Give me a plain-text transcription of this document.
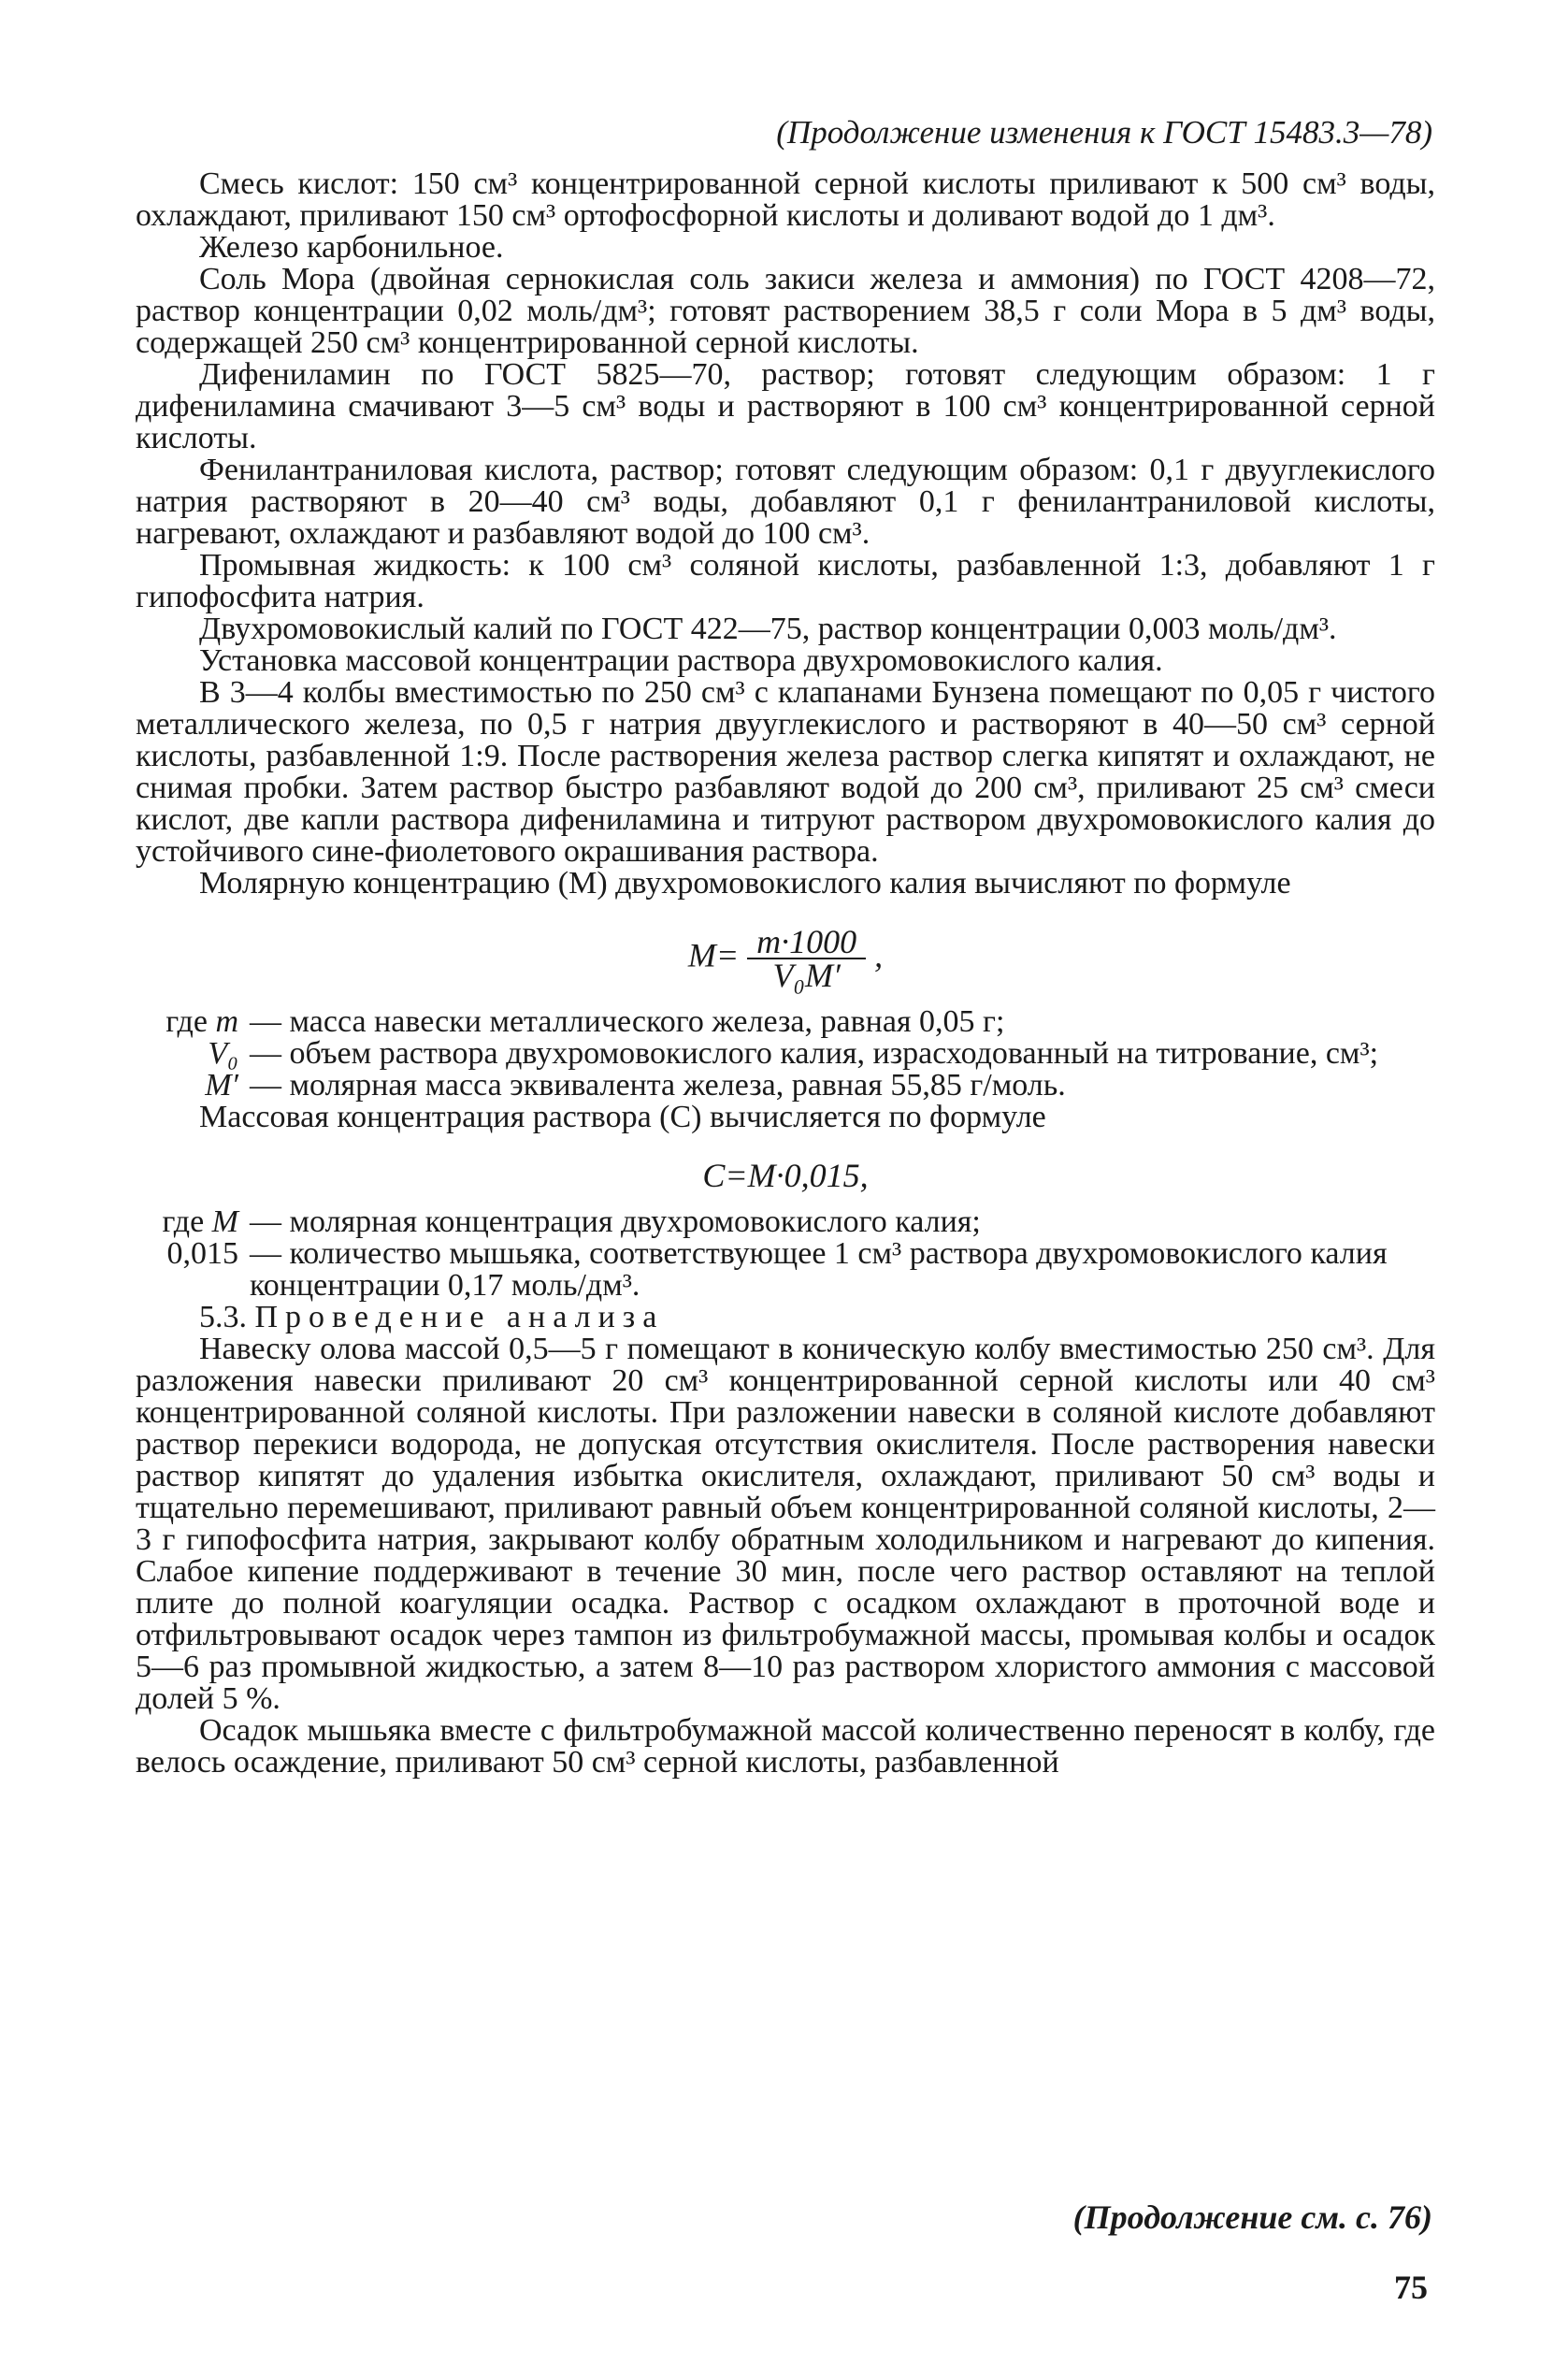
(Продолжение изменения к ГОСТ 15483.3—78)

Смесь кислот: 150 см³ концентрированной серной кислоты приливают к 500 см³ воды, охлаждают, приливают 150 см³ ортофосфорной кислоты и доливают водой до 1 дм³.

Железо карбонильное.

Соль Мора (двойная сернокислая соль закиси железа и аммония) по ГОСТ 4208—72, раствор концентрации 0,02 моль/дм³; готовят растворением 38,5 г соли Мора в 5 дм³ воды, содержащей 250 см³ концентрированной серной кислоты.

Дифениламин по ГОСТ 5825—70, раствор; готовят следующим образом: 1 г дифениламина смачивают 3—5 см³ воды и растворяют в 100 см³ концентрированной серной кислоты.

Фенилантраниловая кислота, раствор; готовят следующим образом: 0,1 г двууглекислого натрия растворяют в 20—40 см³ воды, добавляют 0,1 г фенилантраниловой кислоты, нагревают, охлаждают и разбавляют водой до 100 см³.

Промывная жидкость: к 100 см³ соляной кислоты, разбавленной 1:3, добавляют 1 г гипофосфита натрия.

Двухромовокислый калий по ГОСТ 422—75, раствор концентрации 0,003 моль/дм³.

Установка массовой концентрации раствора двухромовокислого калия.

В 3—4 колбы вместимостью по 250 см³ с клапанами Бунзена помещают по 0,05 г чистого металлического железа, по 0,5 г натрия двууглекислого и растворяют в 40—50 см³ серной кислоты, разбавленной 1:9. После растворения железа раствор слегка кипятят и охлаждают, не снимая пробки. Затем раствор быстро разбавляют водой до 200 см³, приливают 25 см³ смеси кислот, две капли раствора дифениламина и титруют раствором двухромовокислого калия до устойчивого сине-фиолетового окрашивания раствора.

Молярную концентрацию (М) двухромовокислого калия вычисляют по формуле

$M= \frac{m\cdot 1000}{\text{V₀M′}}$ ,
где m — масса навески металлического железа, равная 0,05 г;
V₀ — объем раствора двухромовокислого калия, израсходованный на титрование, см³;
M′ — молярная масса эквивалента железа, равная 55,85 г/моль.

Массовая концентрация раствора (С) вычисляется по формуле

C=M·0,015,
где M — молярная концентрация двухромовокислого калия;
0,015 — количество мышьяка, соответствующее 1 см³ раствора двухромовокислого калия концентрации 0,17 моль/дм³.

5.3. Проведение анализа

Навеску олова массой 0,5—5 г помещают в коническую колбу вместимостью 250 см³. Для разложения навески приливают 20 см³ концентрированной серной кислоты или 40 см³ концентрированной соляной кислоты. При разложении навески в соляной кислоте добавляют раствор перекиси водорода, не допуская отсутствия окислителя. После растворения навески раствор кипятят до удаления избытка окислителя, охлаждают, приливают 50 см³ воды и тщательно перемешивают, приливают равный объем концентрированной соляной кислоты, 2—3 г гипофосфита натрия, закрывают колбу обратным холодильником и нагревают до кипения. Слабое кипение поддерживают в течение 30 мин, после чего раствор оставляют на теплой плите до полной коагуляции осадка. Раствор с осадком охлаждают в проточной воде и отфильтровывают осадок через тампон из фильтробумажной массы, промывая колбы и осадок 5—6 раз промывной жидкостью, а затем 8—10 раз раствором хлористого аммония с массовой долей 5 %.

Осадок мышьяка вместе с фильтробумажной массой количественно переносят в колбу, где велось осаждение, приливают 50 см³ серной кислоты, разбавленной

(Продолжение см. с. 76)
75
